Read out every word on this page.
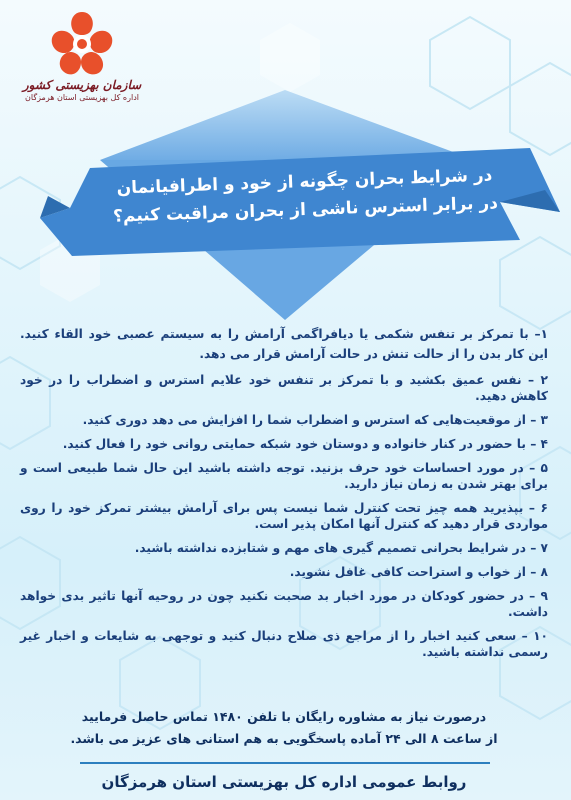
سازمان بهزیستی کشور
اداره کل بهزیستی استان هرمزگان
در شرایط بحران چگونه از خود و اطرافیانمان
در برابر استرس ناشی از بحران مراقبت کنیم؟

۱– با تمرکز بر تنفس شکمی یا دیافراگمی آرامش را به سیستم عصبی خود القاء کنید. این کار بدن را از حالت تنش در حالت آرامش قرار می دهد.

۲ – نفس عمیق بکشید و با تمرکز بر تنفس خود علایم استرس و اضطراب را در خود کاهش دهید.

۳ – از موقعیت‌هایی که استرس و اضطراب شما را افزایش می دهد دوری کنید.

۴ – با حضور در کنار خانواده و دوستان خود شبکه حمایتی روانی خود را فعال کنید.

۵ – در مورد احساسات خود حرف بزنید. توجه داشته باشید این حال شما طبیعی است و برای بهتر شدن به زمان نیاز دارید.

۶ – بپذیرید همه چیز تحت کنترل شما نیست پس برای آرامش بیشتر تمرکز خود را روی مواردی قرار دهید که کنترل آنها امکان پذیر است.

۷ – در شرایط بحرانی تصمیم گیری های مهم و شتابزده نداشته باشید.

۸ – از خواب و استراحت کافی غافل نشوید.

۹ – در حضور کودکان در مورد اخبار بد صحبت نکنید چون در روحیه آنها تاثیر بدی خواهد داشت.

۱۰ – سعی کنید اخبار را از مراجع ذی صلاح دنبال کنید و توجهی به شایعات و اخبار غیر رسمی نداشته باشید.

درصورت نیاز به مشاوره رایگان با تلفن ۱۴۸۰ تماس حاصل فرمایید
از ساعت ۸ الی ۲۴ آماده پاسخگویی به هم استانی های عزیز می باشد.
روابط عمومی اداره کل بهزیستی استان هرمزگان
